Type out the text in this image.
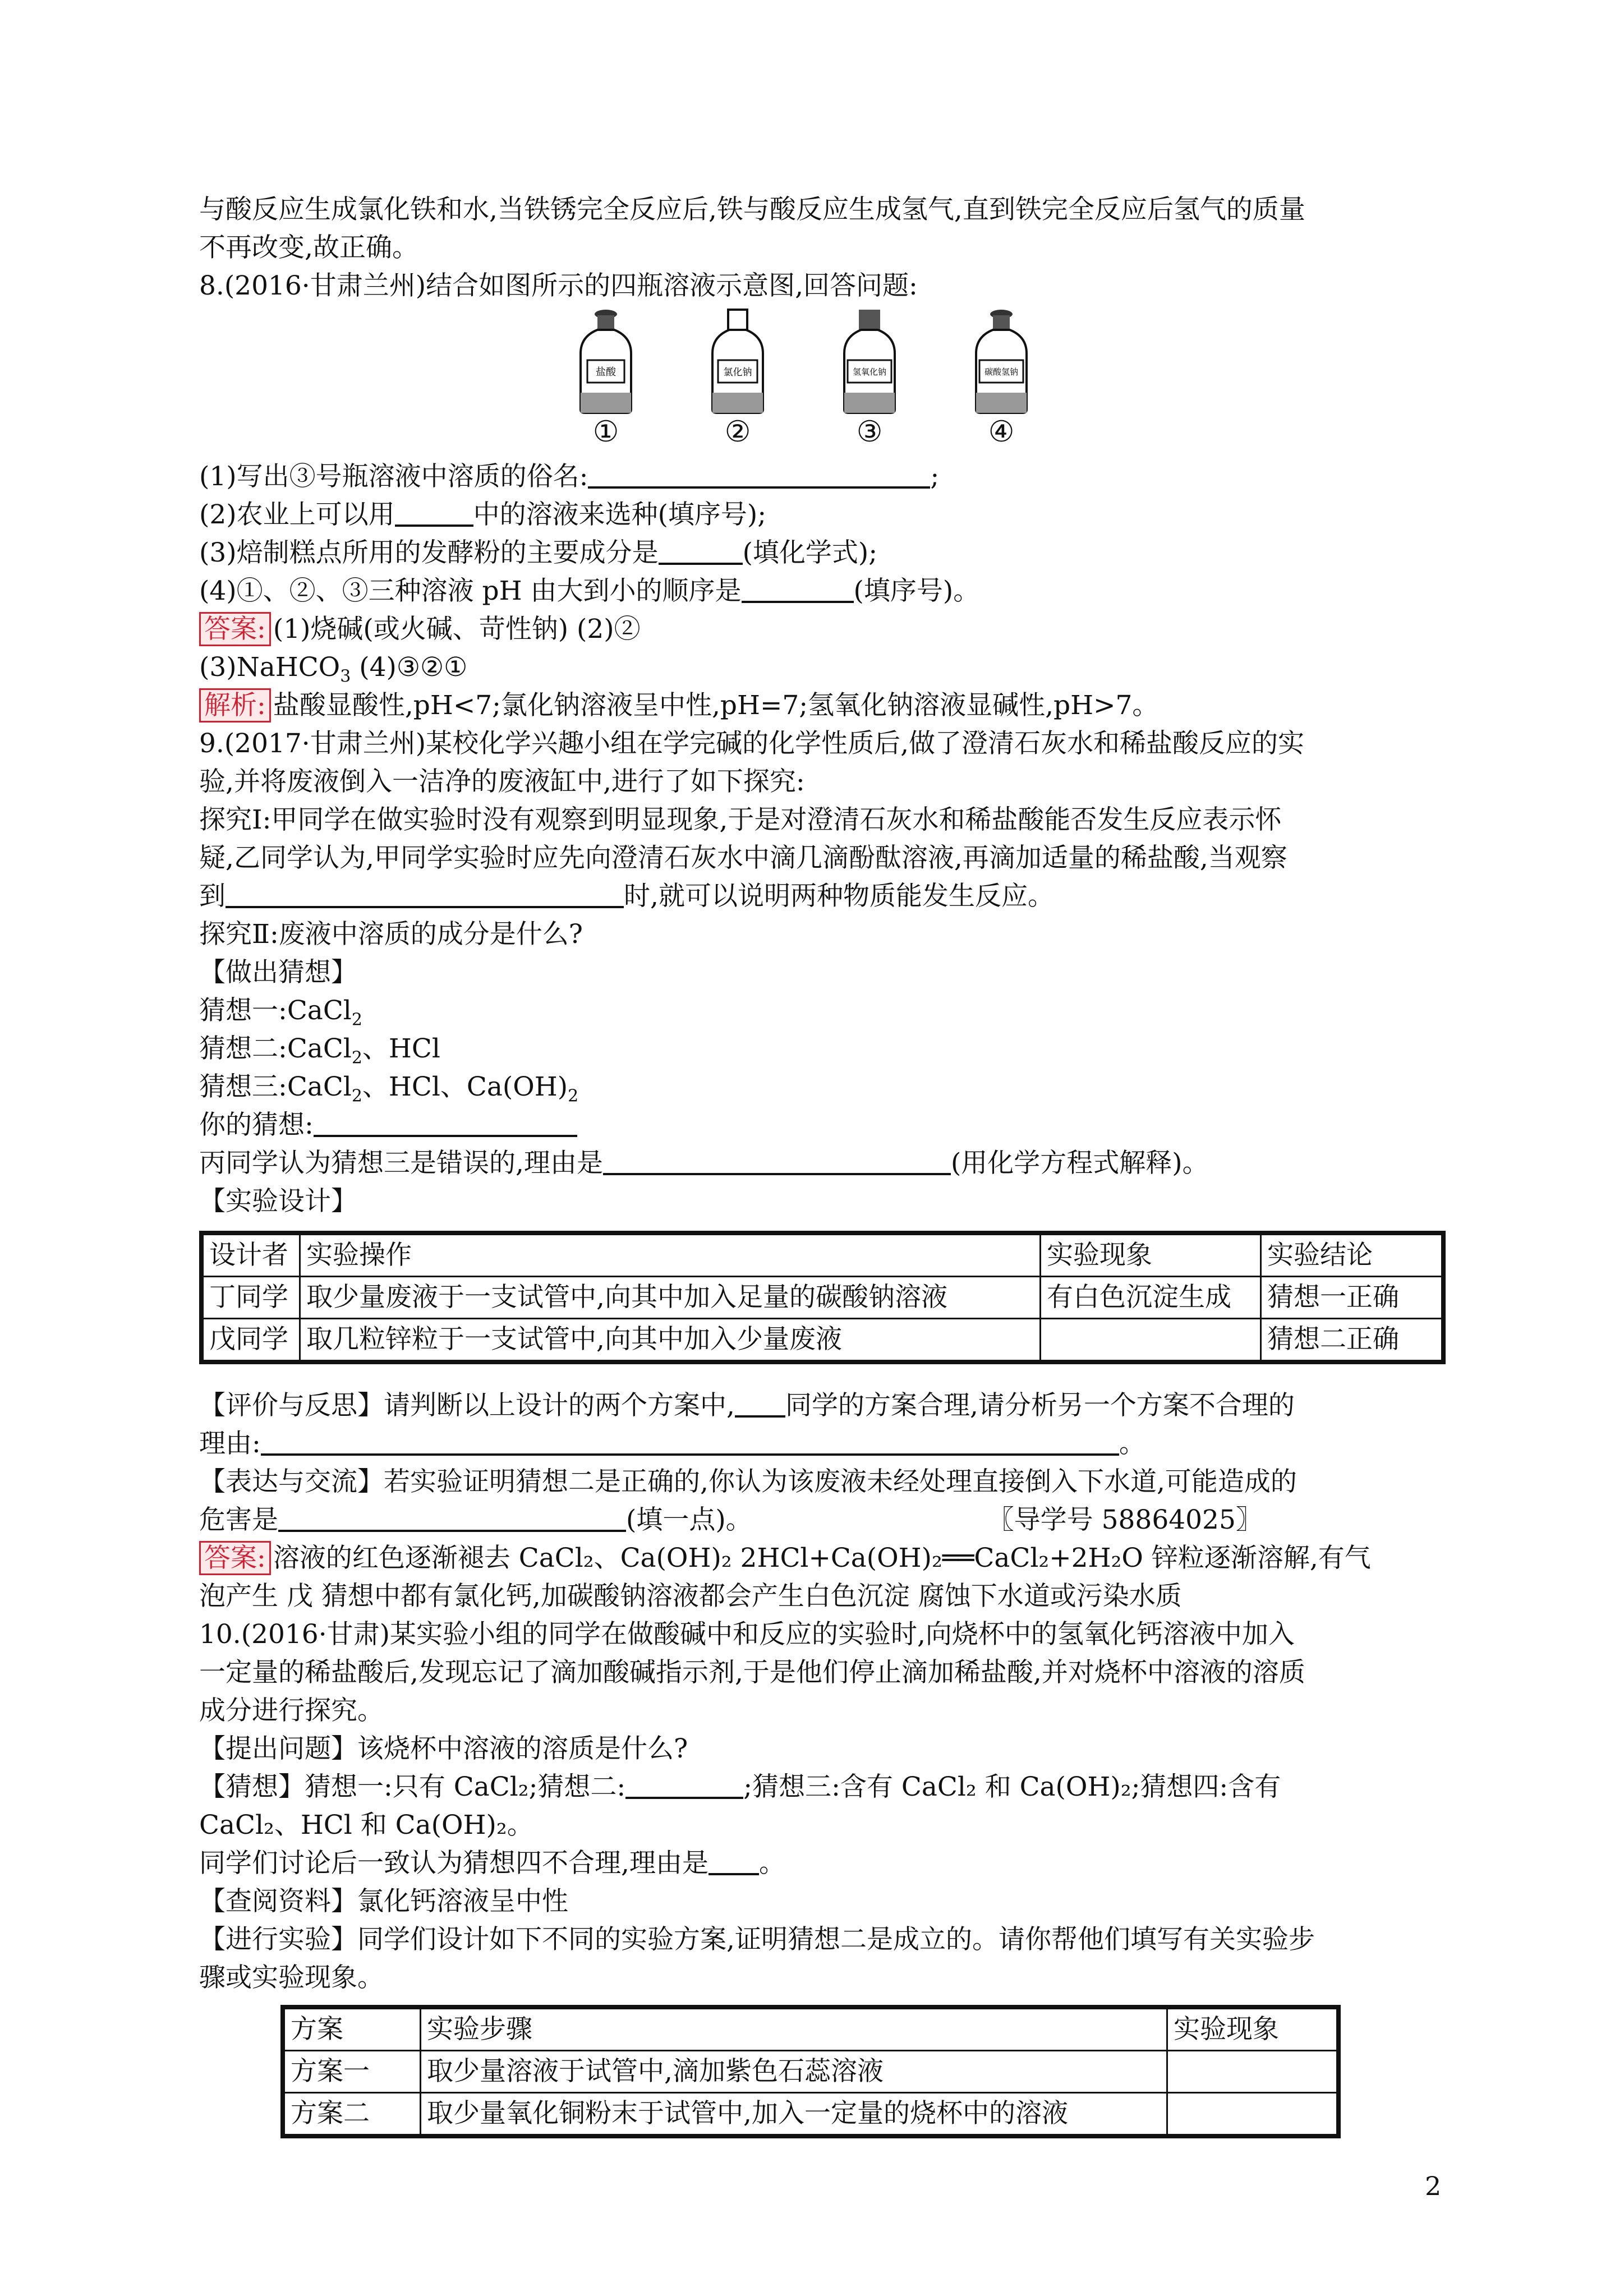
与酸反应生成氯化铁和水,当铁锈完全反应后,铁与酸反应生成氢气,直到铁完全反应后氢气的质量
不再改变,故正确。
8.(2016·甘肃兰州)结合如图所示的四瓶溶液示意图,回答问题:
盐酸
①
氯化钠
②
氢氧化钠
③
碳酸氢钠
④
(1)写出③号瓶溶液中溶质的俗名:	;
(2)农业上可以用	中的溶液来选种(填序号);
(3)焙制糕点所用的发酵粉的主要成分是	(填化学式);
(4)①、②、③三种溶液 pH 由大到小的顺序是	(填序号)。
答案: (1)烧碱(或火碱、苛性钠) (2)②
(3)NaHCO$_3$ (4)③②①
解析: 盐酸显酸性,pH<7;氯化钠溶液呈中性,pH=7;氢氧化钠溶液显碱性,pH>7。
9.(2017·甘肃兰州)某校化学兴趣小组在学完碱的化学性质后,做了澄清石灰水和稀盐酸反应的实
验,并将废液倒入一洁净的废液缸中,进行了如下探究:
探究Ⅰ:甲同学在做实验时没有观察到明显现象,于是对澄清石灰水和稀盐酸能否发生反应表示怀
疑,乙同学认为,甲同学实验时应先向澄清石灰水中滴几滴酚酞溶液,再滴加适量的稀盐酸,当观察
到	时,就可以说明两种物质能发生反应。
探究Ⅱ:废液中溶质的成分是什么?
【做出猜想】
猜想一:CaCl$_2$
猜想二:CaCl$_2$、HCl
猜想三:CaCl$_2$、HCl、$Ca(OH)_2$
你的猜想:
丙同学认为猜想三是错误的,理由是	(用化学方程式解释)。
【实验设计】
设计者	实验操作	实验现象	实验结论
丁同学	取少量废液于一支试管中,向其中加入足量的碳酸钠溶液	有白色沉淀生成	猜想一正确
戊同学	取几粒锌粒于一支试管中,向其中加入少量废液		猜想二正确
【评价与反思】请判断以上设计的两个方案中, 同学的方案合理,请分析另一个方案不合理的
理由:	。
【表达与交流】若实验证明猜想二是正确的,你认为该废液未经处理直接倒入下水道,可能造成的
危害是	(填一点)。	〖导学号 58864025〗
答案: 溶液的红色逐渐褪去 CaCl₂、Ca(OH)₂ 2HCl+Ca(OH)₂══CaCl₂+2H₂O 锌粒逐渐溶解,有气
泡产生 戊 猜想中都有氯化钙,加碳酸钠溶液都会产生白色沉淀 腐蚀下水道或污染水质
10.(2016·甘肃)某实验小组的同学在做酸碱中和反应的实验时,向烧杯中的氢氧化钙溶液中加入
一定量的稀盐酸后,发现忘记了滴加酸碱指示剂,于是他们停止滴加稀盐酸,并对烧杯中溶液的溶质
成分进行探究。
【提出问题】该烧杯中溶液的溶质是什么?
【猜想】猜想一:只有 CaCl₂;猜想二:	;猜想三:含有 CaCl₂ 和 Ca(OH)₂;猜想四:含有
CaCl₂、HCl 和 Ca(OH)₂。
同学们讨论后一致认为猜想四不合理,理由是 。
【查阅资料】氯化钙溶液呈中性
【进行实验】同学们设计如下不同的实验方案,证明猜想二是成立的。请你帮他们填写有关实验步
骤或实验现象。
方案	实验步骤	实验现象
方案一	取少量溶液于试管中,滴加紫色石蕊溶液	
方案二	取少量氧化铜粉末于试管中,加入一定量的烧杯中的溶液	
2
